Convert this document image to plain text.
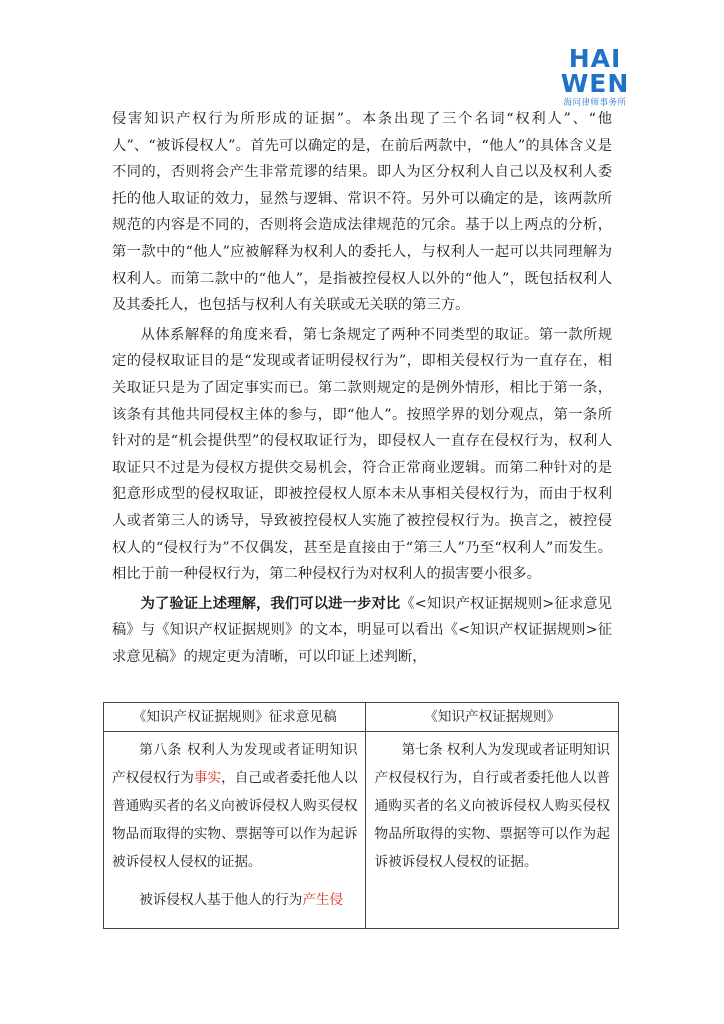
HAI
WEN
海问律师事务所

侵害知识产权行为所形成的证据”。本条出现了三个名词“权利人”、“他人”、“被诉侵权人”。首先可以确定的是，在前后两款中，“他人”的具体含义是不同的，否则将会产生非常荒谬的结果。即人为区分权利人自己以及权利人委托的他人取证的效力，显然与逻辑、常识不符。另外可以确定的是，该两款所规范的内容是不同的，否则将会造成法律规范的冗余。基于以上两点的分析，第一款中的“他人”应被解释为权利人的委托人，与权利人一起可以共同理解为权利人。而第二款中的“他人”，是指被控侵权人以外的“他人”，既包括权利人及其委托人，也包括与权利人有关联或无关联的第三方。

从体系解释的角度来看，第七条规定了两种不同类型的取证。第一款所规定的侵权取证目的是“发现或者证明侵权行为”，即相关侵权行为一直存在，相关取证只是为了固定事实而已。第二款则规定的是例外情形，相比于第一条，该条有其他共同侵权主体的参与，即“他人”。按照学界的划分观点，第一条所针对的是“机会提供型”的侵权取证行为，即侵权人一直存在侵权行为，权利人取证只不过是为侵权方提供交易机会，符合正常商业逻辑。而第二种针对的是犯意形成型的侵权取证，即被控侵权人原本未从事相关侵权行为，而由于权利人或者第三人的诱导，导致被控侵权人实施了被控侵权行为。换言之，被控侵权人的“侵权行为”不仅偶发，甚至是直接由于“第三人”乃至“权利人”而发生。相比于前一种侵权行为，第二种侵权行为对权利人的损害要小很多。

为了验证上述理解，我们可以进一步对比《<知识产权证据规则>征求意见稿》与《知识产权证据规则》的文本，明显可以看出《<知识产权证据规则>征求意见稿》的规定更为清晰，可以印证上述判断，

《知识产权证据规则》征求意见稿	《知识产权证据规则》

第八条 权利人为发现或者证明知识产权侵权行为事实，自己或者委托他人以普通购买者的名义向被诉侵权人购买侵权物品而取得的实物、票据等可以作为起诉被诉侵权人侵权的证据。

被诉侵权人基于他人的行为产生侵	第七条 权利人为发现或者证明知识产权侵权行为，自行或者委托他人以普通购买者的名义向被诉侵权人购买侵权物品所取得的实物、票据等可以作为起诉被诉侵权人侵权的证据。
